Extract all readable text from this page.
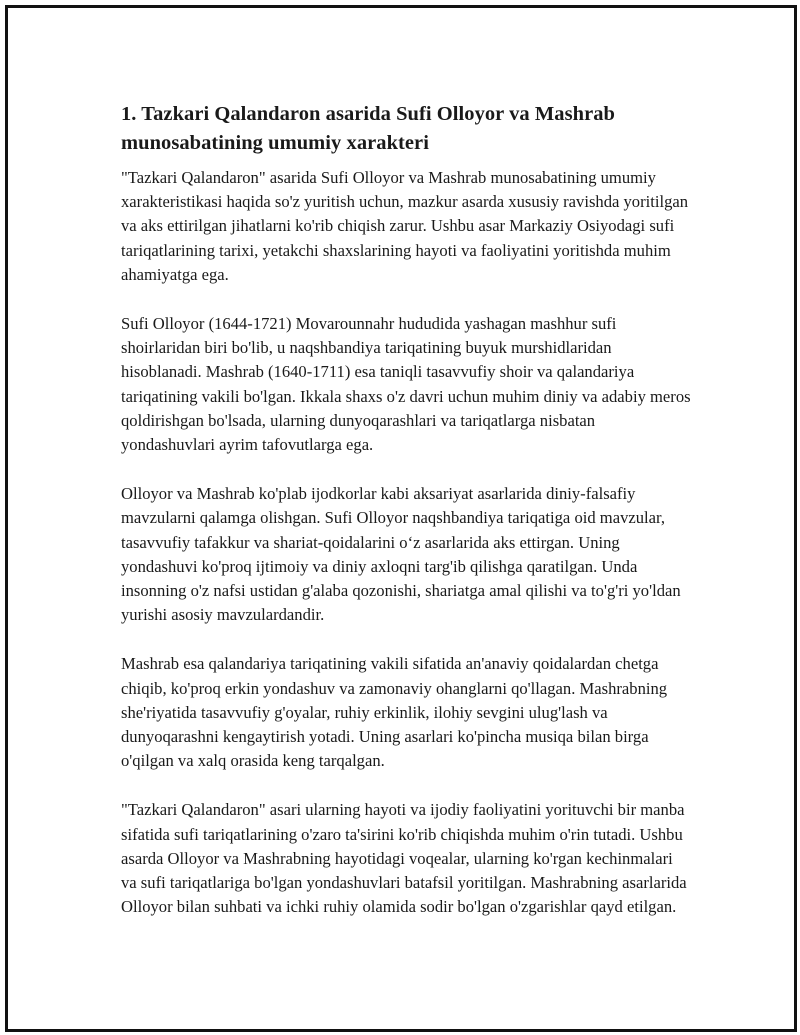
1. Tazkari Qalandaron asarida Sufi Olloyor va Mashrab munosabatining umumiy xarakteri

"Tazkari Qalandaron" asarida Sufi Olloyor va Mashrab munosabatining umumiy xarakteristikasi haqida so'z yuritish uchun, mazkur asarda xususiy ravishda yoritilgan va aks ettirilgan jihatlarni ko'rib chiqish zarur. Ushbu asar Markaziy Osiyodagi sufi tariqatlarining tarixi, yetakchi shaxslarining hayoti va faoliyatini yoritishda muhim ahamiyatga ega.

Sufi Olloyor (1644-1721) Movarounnahr hududida yashagan mashhur sufi shoirlaridan biri bo'lib, u naqshbandiya tariqatining buyuk murshidlaridan hisoblanadi. Mashrab (1640-1711) esa taniqli tasavvufiy shoir va qalandariya tariqatining vakili bo'lgan. Ikkala shaxs o'z davri uchun muhim diniy va adabiy meros qoldirishgan bo'lsada, ularning dunyoqarashlari va tariqatlarga nisbatan yondashuvlari ayrim tafovutlarga ega.

Olloyor va Mashrab ko'plab ijodkorlar kabi aksariyat asarlarida diniy-falsafiy mavzularni qalamga olishgan. Sufi Olloyor naqshbandiya tariqatiga oid mavzular, tasavvufiy tafakkur va shariat-qoidalarini o‘z asarlarida aks ettirgan. Uning yondashuvi ko'proq ijtimoiy va diniy axloqni targ'ib qilishga qaratilgan. Unda insonning o'z nafsi ustidan g'alaba qozonishi, shariatga amal qilishi va to'g'ri yo'ldan yurishi asosiy mavzulardandir.

Mashrab esa qalandariya tariqatining vakili sifatida an'anaviy qoidalardan chetga chiqib, ko'proq erkin yondashuv va zamonaviy ohanglarni qo'llagan. Mashrabning she'riyatida tasavvufiy g'oyalar, ruhiy erkinlik, ilohiy sevgini ulug'lash va dunyoqarashni kengaytirish yotadi. Uning asarlari ko'pincha musiqa bilan birga o'qilgan va xalq orasida keng tarqalgan.

"Tazkari Qalandaron" asari ularning hayoti va ijodiy faoliyatini yorituvchi bir manba sifatida sufi tariqatlarining o'zaro ta'sirini ko'rib chiqishda muhim o'rin tutadi. Ushbu asarda Olloyor va Mashrabning hayotidagi voqealar, ularning ko'rgan kechinmalari va sufi tariqatlariga bo'lgan yondashuvlari batafsil yoritilgan. Mashrabning asarlarida Olloyor bilan suhbati va ichki ruhiy olamida sodir bo'lgan o'zgarishlar qayd etilgan.
